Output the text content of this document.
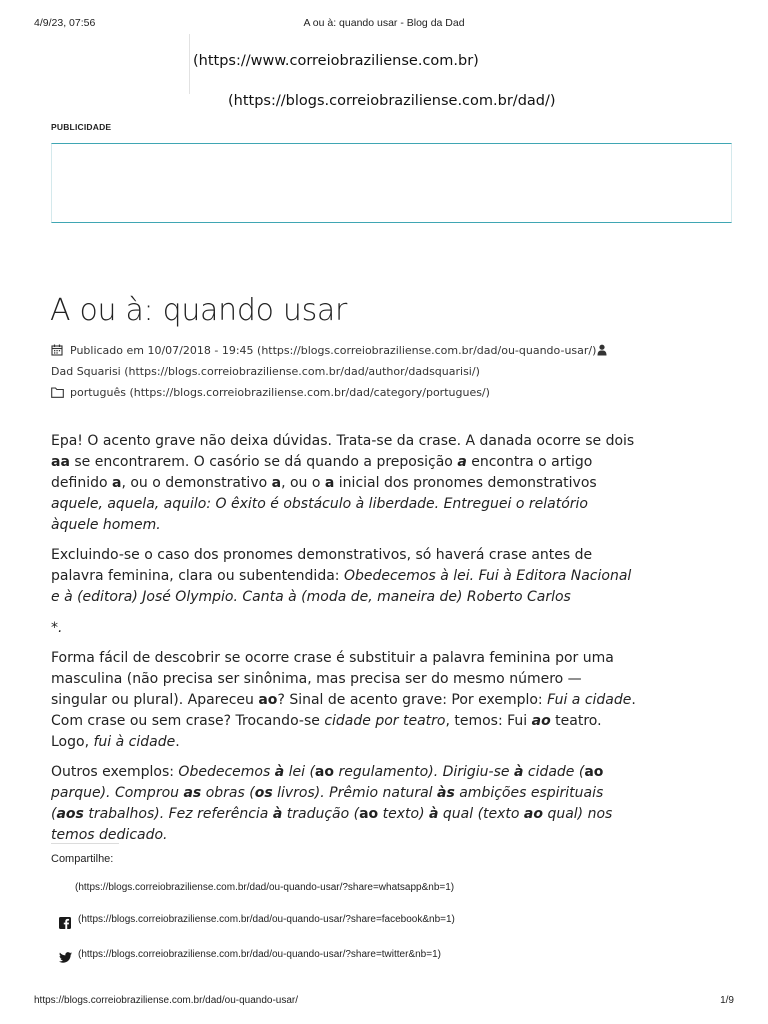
4/9/23, 07:56	A ou à: quando usar - Blog da Dad
(https://www.correiobraziliense.com.br)
(https://blogs.correiobraziliense.com.br/dad/)
PUBLICIDADE
A ou à: quando usar
Publicado em 10/07/2018 - 19:45 (https://blogs.correiobraziliense.com.br/dad/ou-quando-usar/)
Dad Squarisi (https://blogs.correiobraziliense.com.br/dad/author/dadsquarisi/)
português (https://blogs.correiobraziliense.com.br/dad/category/portugues/)

Epa! O acento grave não deixa dúvidas. Trata-se da crase. A danada ocorre se dois aa se encontrarem. O casório se dá quando a preposição a encontra o artigo definido a, ou o demonstrativo a, ou o a inicial dos pronomes demonstrativos aquele, aquela, aquilo: O êxito é obstáculo à liberdade. Entreguei o relatório àquele homem.

Excluindo-se o caso dos pronomes demonstrativos, só haverá crase antes de palavra feminina, clara ou subentendida: Obedecemos à lei. Fui à Editora Nacional e à (editora) José Olympio. Canta à (moda de, maneira de) Roberto Carlos

*.

Forma fácil de descobrir se ocorre crase é substituir a palavra feminina por uma masculina (não precisa ser sinônima, mas precisa ser do mesmo número — singular ou plural). Apareceu ao? Sinal de acento grave: Por exemplo: Fui a cidade. Com crase ou sem crase? Trocando-se cidade por teatro, temos: Fui ao teatro. Logo, fui à cidade.

Outros exemplos: Obedecemos à lei (ao regulamento). Dirigiu-se à cidade (ao parque). Comprou as obras (os livros). Prêmio natural às ambições espirituais (aos trabalhos). Fez referência à tradução (ao texto) à qual (texto ao qual) nos temos dedicado.

Compartilhe:
(https://blogs.correiobraziliense.com.br/dad/ou-quando-usar/?share=whatsapp&nb=1)
(https://blogs.correiobraziliense.com.br/dad/ou-quando-usar/?share=facebook&nb=1)
(https://blogs.correiobraziliense.com.br/dad/ou-quando-usar/?share=twitter&nb=1)
https://blogs.correiobraziliense.com.br/dad/ou-quando-usar/	1/9
